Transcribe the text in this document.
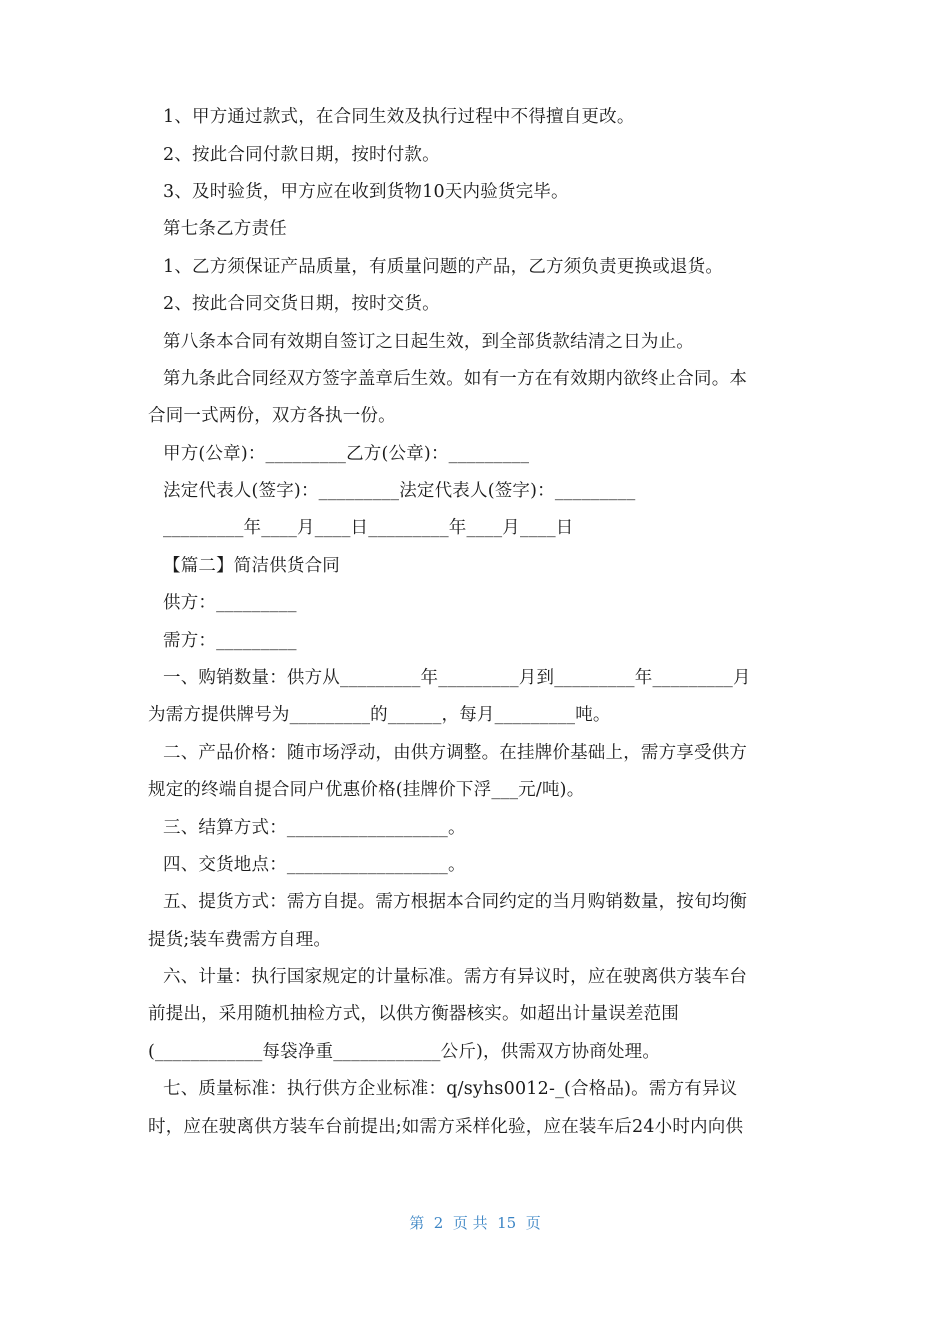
1、甲方通过款式，在合同生效及执行过程中不得擅自更改。
2、按此合同付款日期，按时付款。
3、及时验货，甲方应在收到货物10天内验货完毕。
第七条乙方责任
1、乙方须保证产品质量，有质量问题的产品，乙方须负责更换或退货。
2、按此合同交货日期，按时交货。
第八条本合同有效期自签订之日起生效，到全部货款结清之日为止。
第九条此合同经双方签字盖章后生效。如有一方在有效期内欲终止合同。本
合同一式两份，双方各执一份。
甲方(公章)：_________乙方(公章)：_________
法定代表人(签字)：_________法定代表人(签字)：_________
_________年____月____日_________年____月____日
【篇二】简洁供货合同
供方：_________
需方：_________
一、购销数量：供方从_________年_________月到_________年_________月
为需方提供牌号为_________的______，每月_________吨。
二、产品价格：随市场浮动，由供方调整。在挂牌价基础上，需方享受供方
规定的终端自提合同户优惠价格(挂牌价下浮___元/吨)。
三、结算方式：__________________。
四、交货地点：__________________。
五、提货方式：需方自提。需方根据本合同约定的当月购销数量，按旬均衡
提货;装车费需方自理。
六、计量：执行国家规定的计量标准。需方有异议时，应在驶离供方装车台
前提出，采用随机抽检方式，以供方衡器核实。如超出计量误差范围
(____________每袋净重____________公斤)，供需双方协商处理。
七、质量标准：执行供方企业标准：q/syhs0012-_(合格品)。需方有异议
时，应在驶离供方装车台前提出;如需方采样化验，应在装车后24小时内向供
第  2  页 共  15  页
